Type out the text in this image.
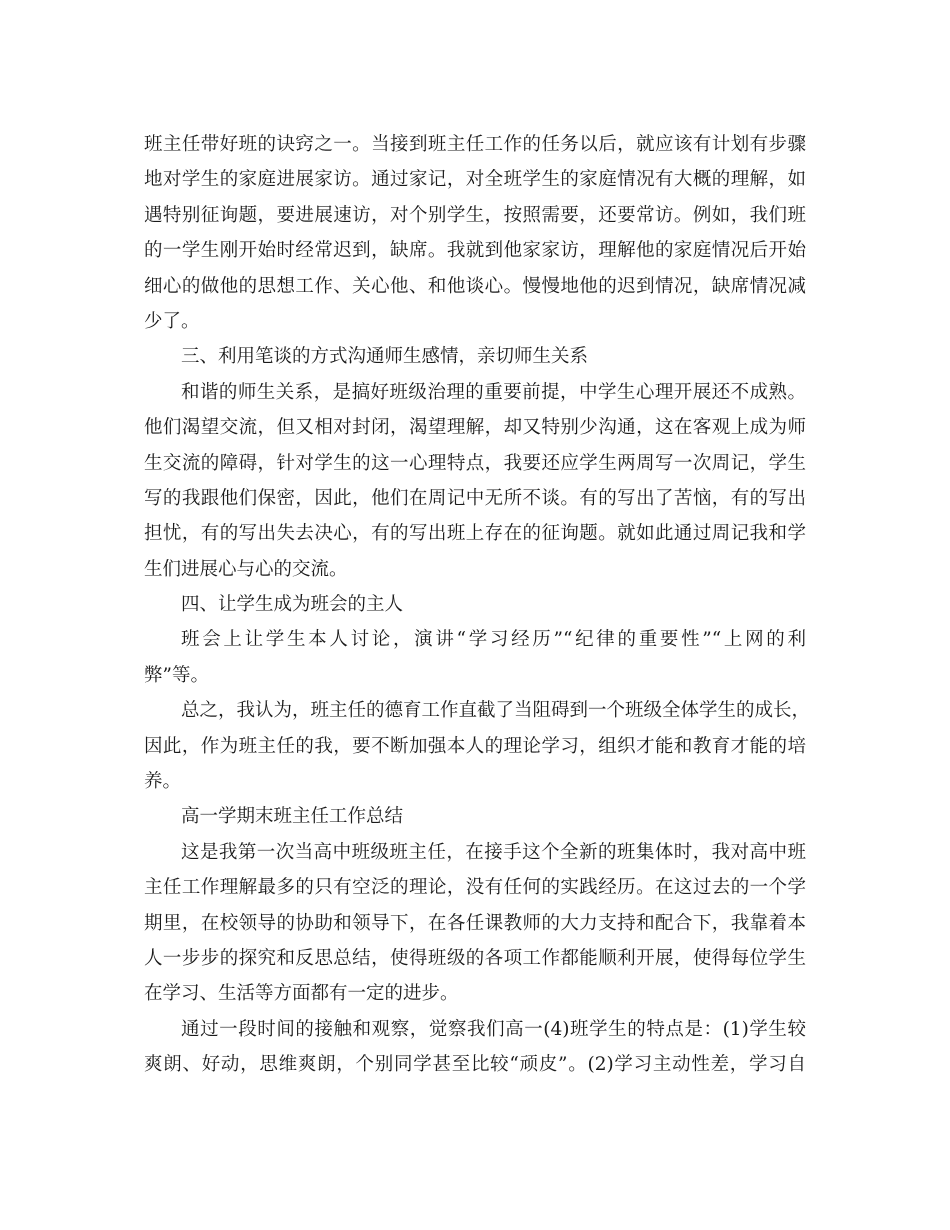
班主任带好班的诀窍之一。当接到班主任工作的任务以后，就应该有计划有步骤
地对学生的家庭进展家访。通过家记，对全班学生的家庭情况有大概的理解，如
遇特别征询题，要进展速访，对个别学生，按照需要，还要常访。例如，我们班
的一学生刚开始时经常迟到，缺席。我就到他家家访，理解他的家庭情况后开始
细心的做他的思想工作、关心他、和他谈心。慢慢地他的迟到情况，缺席情况减
少了。
三、利用笔谈的方式沟通师生感情，亲切师生关系
和谐的师生关系，是搞好班级治理的重要前提，中学生心理开展还不成熟。
他们渴望交流，但又相对封闭，渴望理解，却又特别少沟通，这在客观上成为师
生交流的障碍，针对学生的这一心理特点，我要还应学生两周写一次周记，学生
写的我跟他们保密，因此，他们在周记中无所不谈。有的写出了苦恼，有的写出
担忧，有的写出失去决心，有的写出班上存在的征询题。就如此通过周记我和学
生们进展心与心的交流。
四、让学生成为班会的主人
班会上让学生本人讨论，演讲“学习经历”“纪律的重要性”“上网的利
弊”等。
总之，我认为，班主任的德育工作直截了当阻碍到一个班级全体学生的成长，
因此，作为班主任的我，要不断加强本人的理论学习，组织才能和教育才能的培
养。
高一学期末班主任工作总结
这是我第一次当高中班级班主任，在接手这个全新的班集体时，我对高中班
主任工作理解最多的只有空泛的理论，没有任何的实践经历。在这过去的一个学
期里，在校领导的协助和领导下，在各任课教师的大力支持和配合下，我靠着本
人一步步的探究和反思总结，使得班级的各项工作都能顺利开展，使得每位学生
在学习、生活等方面都有一定的进步。
通过一段时间的接触和观察，觉察我们高一(4)班学生的特点是：(1)学生较
爽朗、好动，思维爽朗，个别同学甚至比较“顽皮”。(2)学习主动性差，学习自
